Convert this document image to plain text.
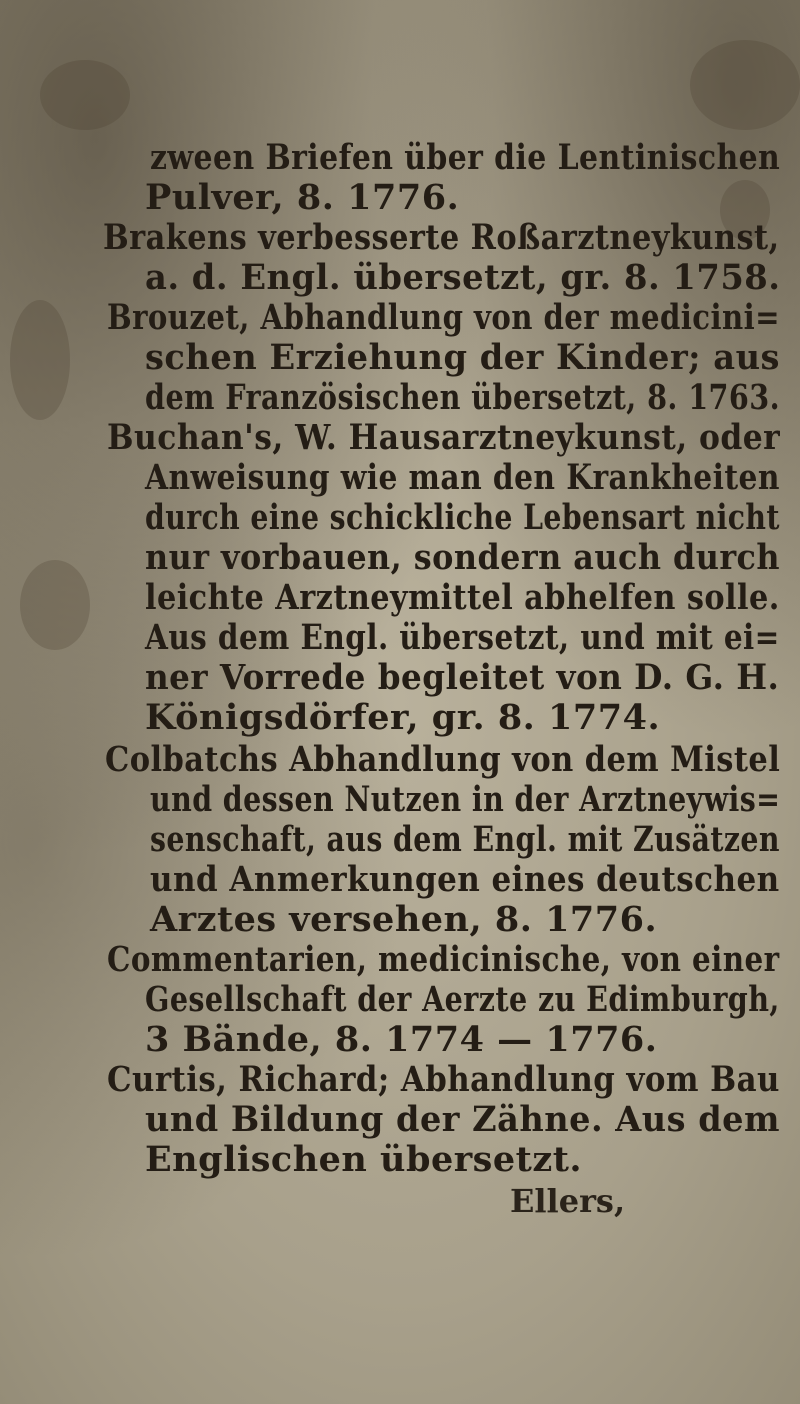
zween Briefen über die Lentinischen
Pulver, 8. 1776.
Brakens verbesserte Roßarztneykunst,
a. d. Engl. übersetzt, gr. 8. 1758.
Brouzet, Abhandlung von der medicini=
schen Erziehung der Kinder; aus
dem Französischen übersetzt, 8. 1763.
Buchan's, W. Hausarztneykunst, oder
Anweisung wie man den Krankheiten
durch eine schickliche Lebensart nicht
nur vorbauen, sondern auch durch
leichte Arztneymittel abhelfen solle.
Aus dem Engl. übersetzt, und mit ei=
ner Vorrede begleitet von D. G. H.
Königsdörfer, gr. 8. 1774.
Colbatchs Abhandlung von dem Mistel
und dessen Nutzen in der Arztneywis=
senschaft, aus dem Engl. mit Zusätzen
und Anmerkungen eines deutschen
Arztes versehen, 8. 1776.
Commentarien, medicinische, von einer
Gesellschaft der Aerzte zu Edimburgh,
3 Bände, 8. 1774 — 1776.
Curtis, Richard; Abhandlung vom Bau
und Bildung der Zähne. Aus dem
Englischen übersetzt.
Ellers,
